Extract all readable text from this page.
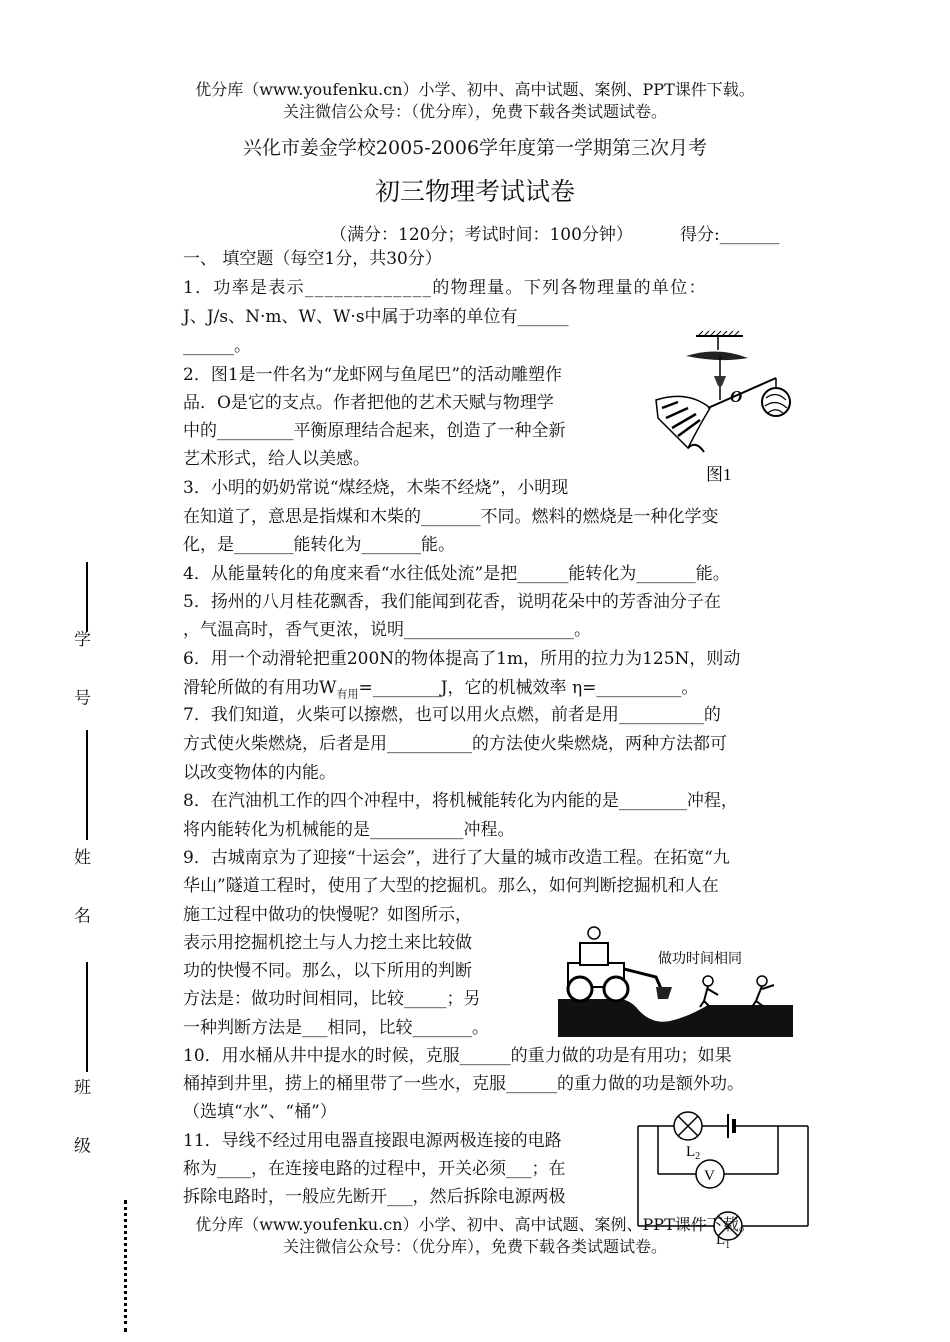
优分库（www.youfenku.cn）小学、初中、高中试题、案例、PPT课件下载。
关注微信公众号：（优分库），免费下载各类试题试卷。
兴化市姜金学校2005-2006学年度第一学期第三次月考
初三物理考试试卷
（满分：120分；考试时间：100分钟）	得分:_______
一、 填空题（每空1分，共30分）
1．功率是表示_____________的物理量。下列各物理量的单位：
J、J/s、N·m、W、W·s中属于功率的单位有______
______。
2．图1是一件名为“龙虾网与鱼尾巴”的活动雕塑作
品．O是它的支点。作者把他的艺术天赋与物理学
中的_________平衡原理结合起来，创造了一种全新
艺术形式，给人以美感。
3．小明的奶奶常说“煤经烧，木柴不经烧”，小明现
在知道了，意思是指煤和木柴的_______不同。燃料的燃烧是一种化学变
化，是_______能转化为_______能。
4．从能量转化的角度来看“水往低处流”是把______能转化为_______能。
5．扬州的八月桂花飘香，我们能闻到花香，说明花朵中的芳香油分子在
，气温高时，香气更浓，说明____________________。
6．用一个动滑轮把重200N的物体提高了1m，所用的拉力为125N，则动
滑轮所做的有用功$W_{有用}=\_\_\_\_\_\_\_\_J$，它的机械效率 η=__________。
7．我们知道，火柴可以擦燃，也可以用火点燃，前者是用__________的
方式使火柴燃烧，后者是用__________的方法使火柴燃烧，两种方法都可
以改变物体的内能。
8．在汽油机工作的四个冲程中，将机械能转化为内能的是________冲程，
将内能转化为机械能的是___________冲程。
9．古城南京为了迎接“十运会”，进行了大量的城市改造工程。在拓宽“九
华山”隧道工程时，使用了大型的挖掘机。那么，如何判断挖掘机和人在
施工过程中做功的快慢呢？如图所示，
表示用挖掘机挖土与人力挖土来比较做
功的快慢不同。那么，以下所用的判断
方法是：做功时间相同，比较_____；另
一种判断方法是___相同，比较_______。
10．用水桶从井中提水的时候，克服______的重力做的功是有用功；如果
桶掉到井里，捞上的桶里带了一些水，克服______的重力做的功是额外功。
（选填“水”、“桶”）
11．导线不经过用电器直接跟电源两极连接的电路
称为____，在连接电路的过程中，开关必须___；在
拆除电路时，一般应先断开___，然后拆除电源两极
O
图1
做功时间相同
$L_2$
V
$L_1$
优分库（www.youfenku.cn）小学、初中、高中试题、案例、PPT课件下载。
关注微信公众号：（优分库），免费下载各类试题试卷。
学 号
姓 名
班 级
